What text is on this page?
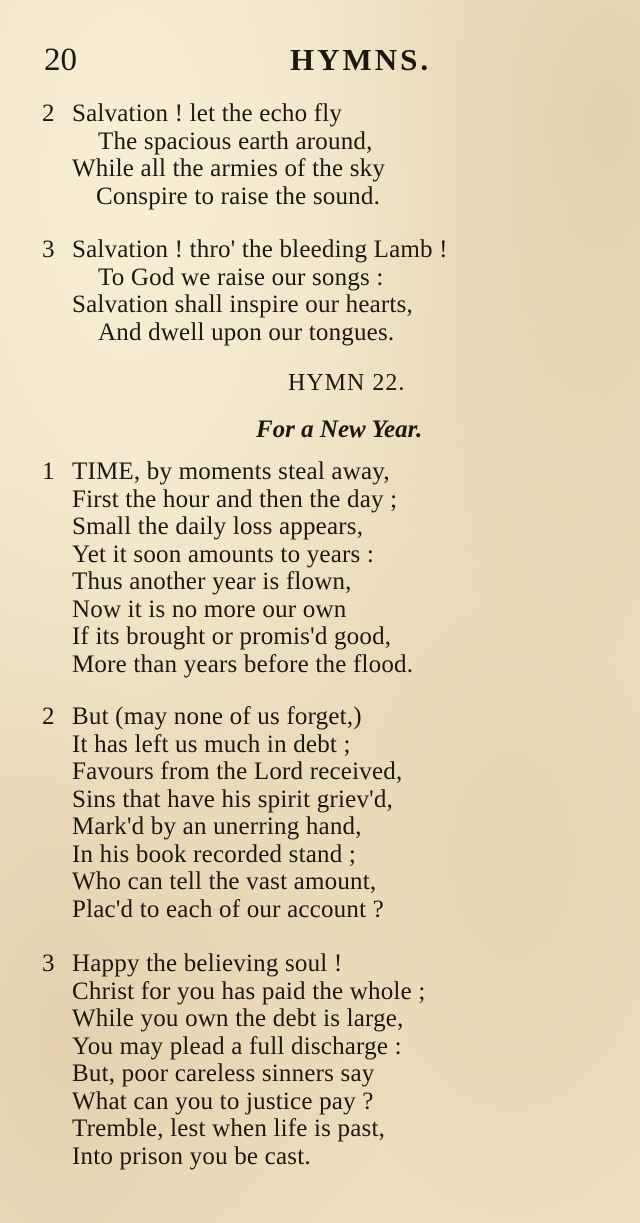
20	HYMNS.
2 Salvation ! let the echo fly
The spacious earth around,
While all the armies of the sky
Conspire to raise the sound.
3 Salvation ! thro' the bleeding Lamb !
To God we raise our songs :
Salvation shall inspire our hearts,
And dwell upon our tongues.
HYMN 22.
For a New Year.
1 TIME, by moments steal away,
First the hour and then the day ;
Small the daily loss appears,
Yet it soon amounts to years :
Thus another year is flown,
Now it is no more our own
If its brought or promis'd good,
More than years before the flood.
2 But (may none of us forget,)
It has left us much in debt ;
Favours from the Lord received,
Sins that have his spirit griev'd,
Mark'd by an unerring hand,
In his book recorded stand ;
Who can tell the vast amount,
Plac'd to each of our account ?
3 Happy the believing soul !
Christ for you has paid the whole ;
While you own the debt is large,
You may plead a full discharge :
But, poor careless sinners say
What can you to justice pay ?
Tremble, lest when life is past,
Into prison you be cast.
